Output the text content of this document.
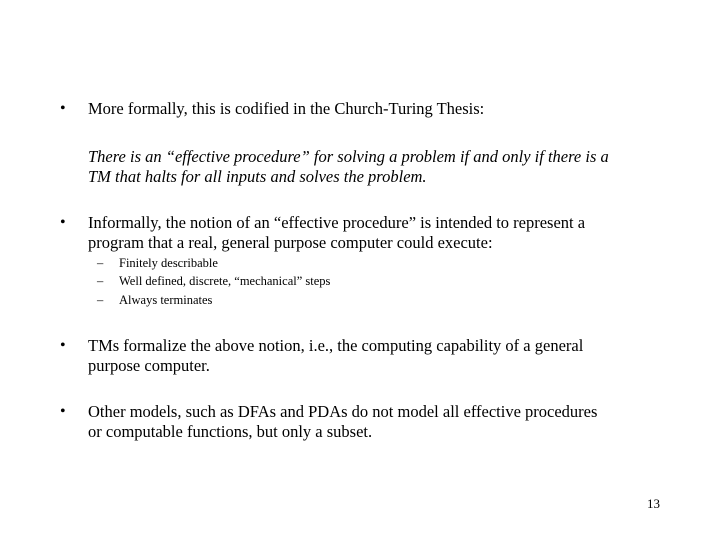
• More formally, this is codified in the Church-Turing Thesis:
There is an “effective procedure” for solving a problem if and only if there is a
TM that halts for all inputs and solves the problem.
• Informally, the notion of an “effective procedure” is intended to represent a
program that a real, general purpose computer could execute:
– Finitely describable
– Well defined, discrete, “mechanical” steps
– Always terminates
• TMs formalize the above notion, i.e., the computing capability of a general
purpose computer.
• Other models, such as DFAs and PDAs do not model all effective procedures
or computable functions, but only a subset.
13
